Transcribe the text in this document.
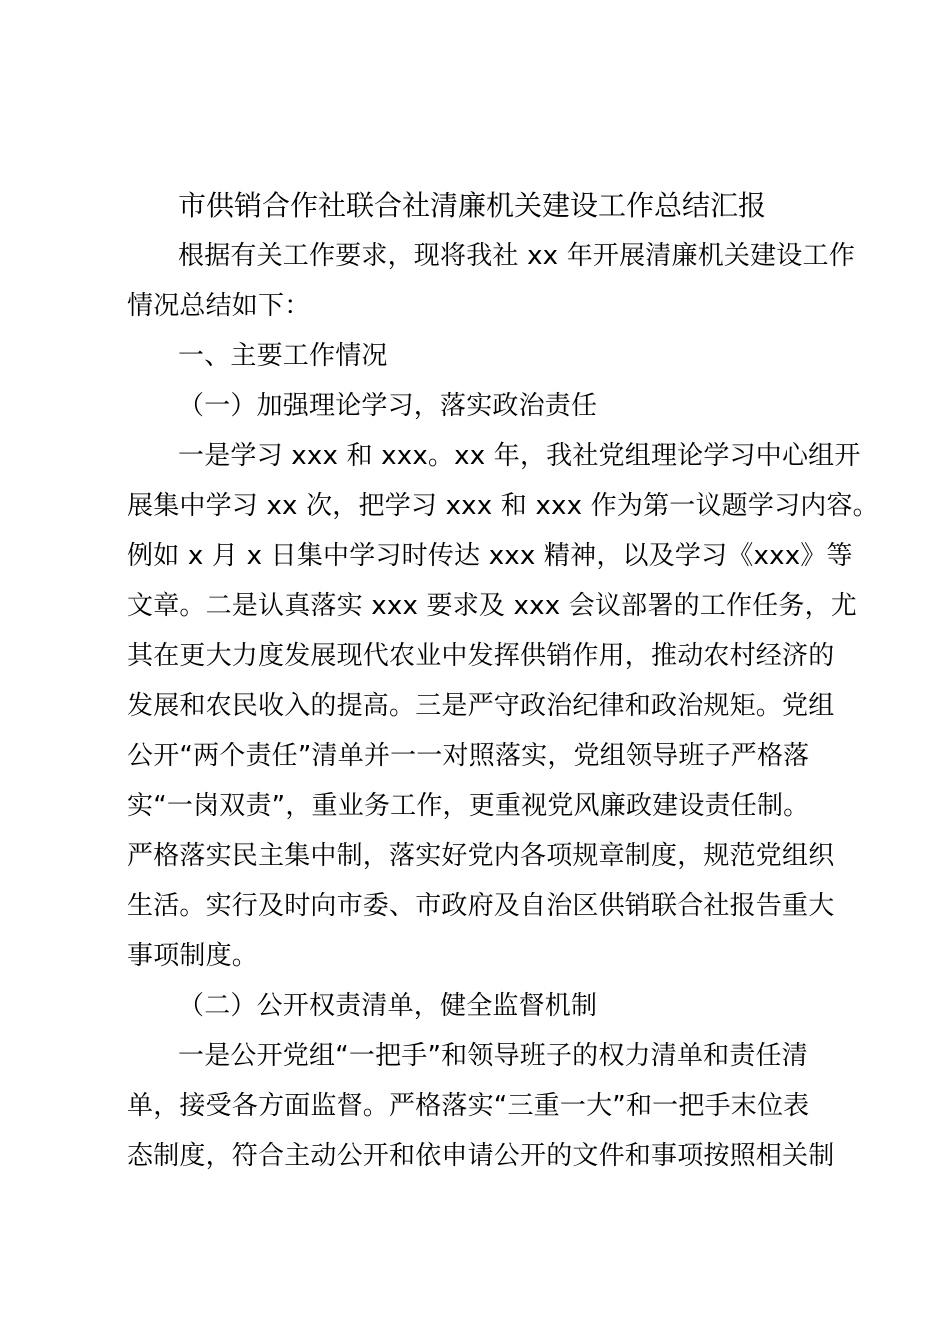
市供销合作社联合社清廉机关建设工作总结汇报
根据有关工作要求，现将我社 xx 年开展清廉机关建设工作
情况总结如下：
一、主要工作情况
（一）加强理论学习，落实政治责任
一是学习 xxx 和 xxx。xx 年，我社党组理论学习中心组开
展集中学习 xx 次，把学习 xxx 和 xxx 作为第一议题学习内容。
例如 x 月 x 日集中学习时传达 xxx 精神，以及学习《xxx》等
文章。二是认真落实 xxx 要求及 xxx 会议部署的工作任务，尤
其在更大力度发展现代农业中发挥供销作用，推动农村经济的
发展和农民收入的提高。三是严守政治纪律和政治规矩。党组
公开“两个责任”清单并一一对照落实，党组领导班子严格落
实“一岗双责”，重业务工作，更重视党风廉政建设责任制。
严格落实民主集中制，落实好党内各项规章制度，规范党组织
生活。实行及时向市委、市政府及自治区供销联合社报告重大
事项制度。
（二）公开权责清单，健全监督机制
一是公开党组“一把手”和领导班子的权力清单和责任清
单，接受各方面监督。严格落实“三重一大”和一把手末位表
态制度，符合主动公开和依申请公开的文件和事项按照相关制
